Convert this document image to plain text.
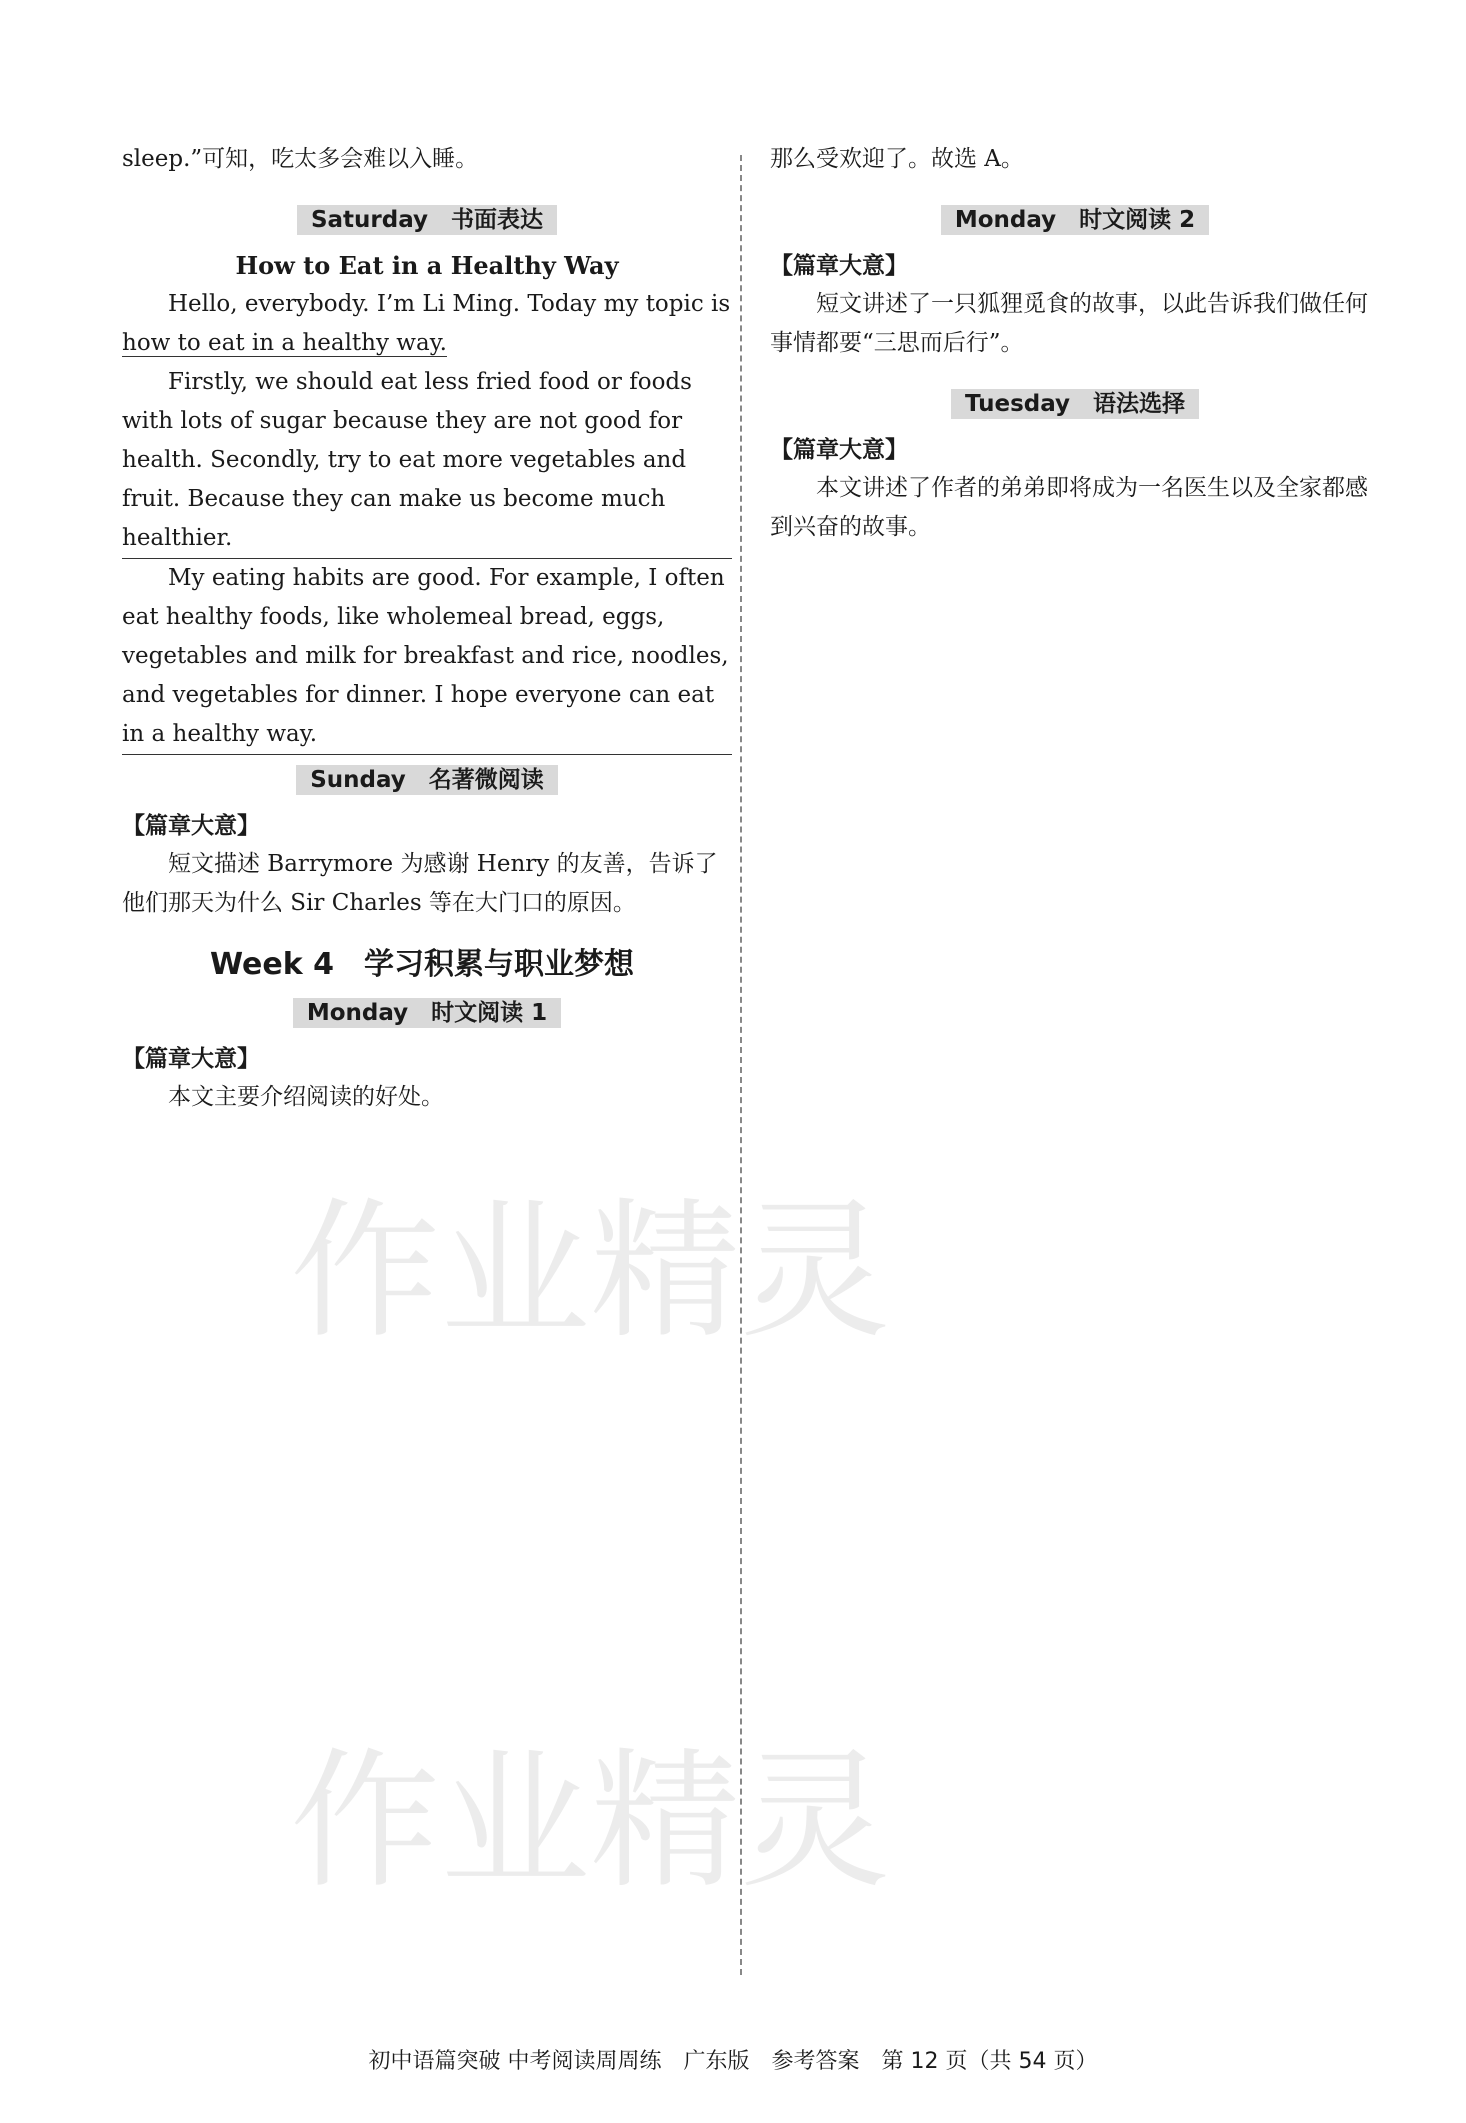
sleep.”可知，吃太多会难以入睡。
Saturday　书面表达
How to Eat in a Healthy Way
Hello, everybody. I’m Li Ming. Today my topic is how to eat in a healthy way.
Firstly, we should eat less fried food or foods with lots of sugar because they are not good for health. Secondly, try to eat more vegetables and fruit. Because they can make us become much healthier.
My eating habits are good. For example, I often eat healthy foods, like wholemeal bread, eggs, vegetables and milk for breakfast and rice, noodles, and vegetables for dinner. I hope everyone can eat in a healthy way.
Sunday　名著微阅读
【篇章大意】
短文描述 Barrymore 为感谢 Henry 的友善，告诉了他们那天为什么 Sir Charles 等在大门口的原因。
Week 4　学习积累与职业梦想
Monday　时文阅读 1
【篇章大意】
本文主要介绍阅读的好处。
那么受欢迎了。故选 A。
Monday　时文阅读 2
【篇章大意】
短文讲述了一只狐狸觅食的故事，以此告诉我们做任何事情都要“三思而后行”。
Tuesday　语法选择
【篇章大意】
本文讲述了作者的弟弟即将成为一名医生以及全家都感到兴奋的故事。
作业精灵
作业精灵
初中语篇突破 中考阅读周周练　广东版　参考答案　第 12 页（共 54 页）
